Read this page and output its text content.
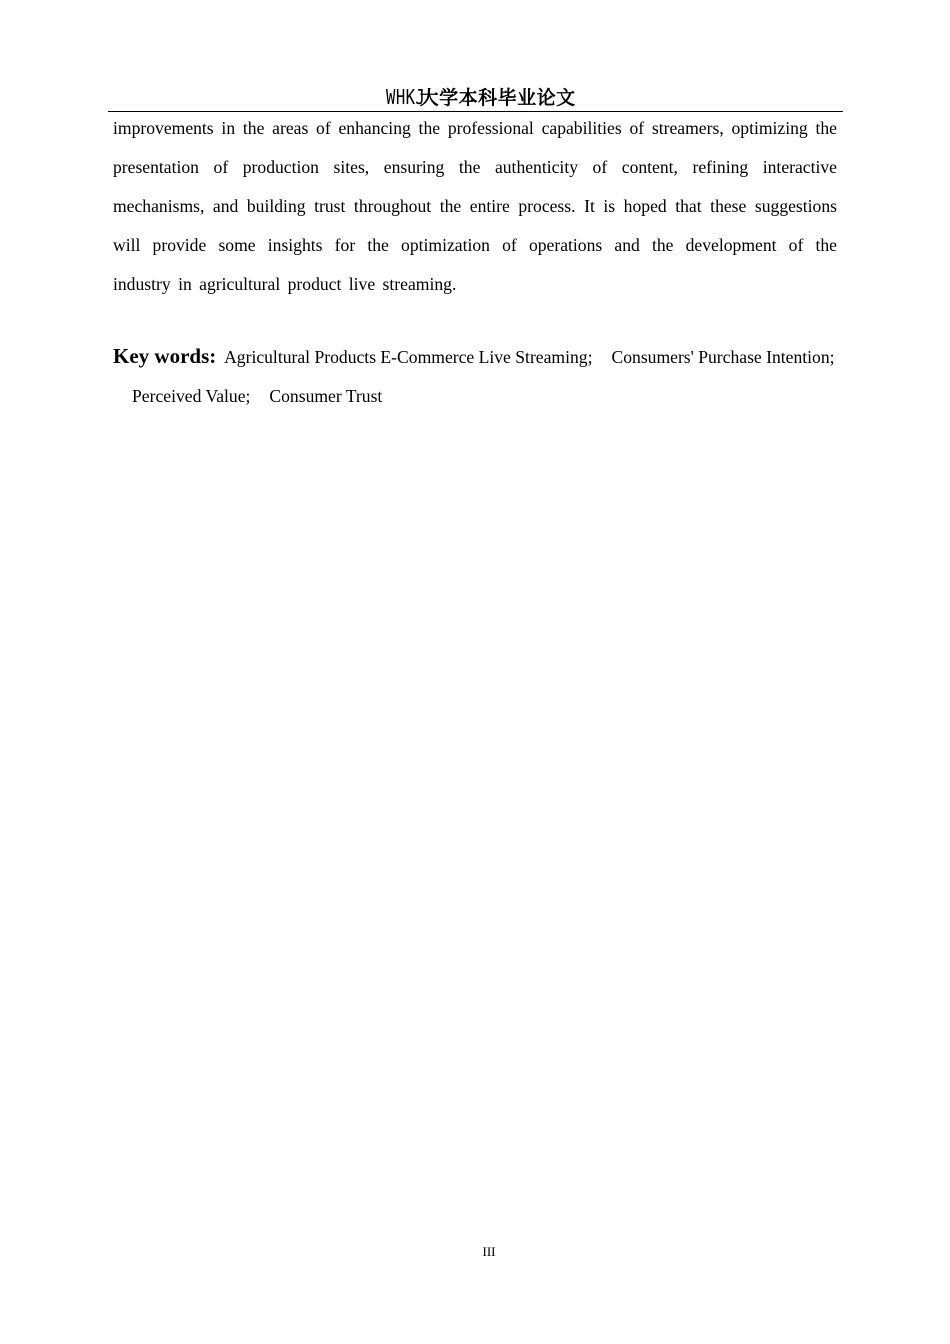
WHKJ大学本科毕业论文

improvements in the areas of enhancing the professional capabilities of streamers, optimizing the presentation of production sites, ensuring the authenticity of content, refining interactive mechanisms, and building trust throughout the entire process. It is hoped that these suggestions will provide some insights for the optimization of operations and the development of the industry in agricultural product live streaming.

Key words: Agricultural Products E-Commerce Live Streaming; Consumers' Purchase Intention;Perceived Value; Consumer Trust

III
